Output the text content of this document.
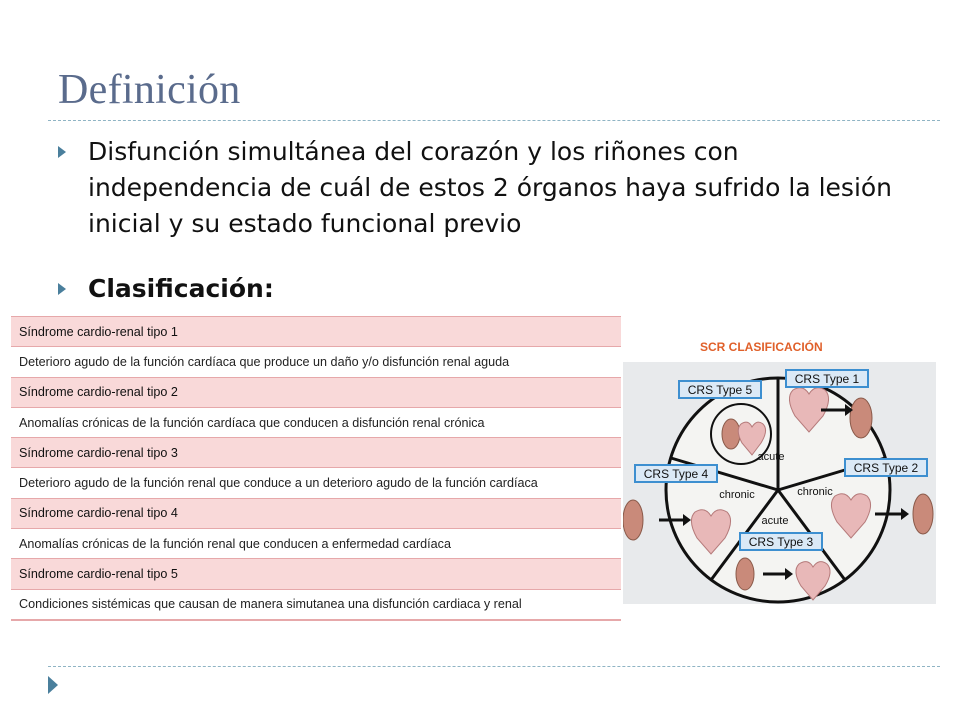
Definición
Disfunción simultánea del corazón y los riñones con independencia de cuál de estos 2 órganos haya sufrido la lesión inicial y su estado funcional previo
Clasificación:
Síndrome cardio-renal tipo 1
Deterioro agudo de la función cardíaca que produce un daño y/o disfunción renal aguda
Síndrome cardio-renal tipo 2
Anomalías crónicas de la función cardíaca que conducen a disfunción renal crónica
Síndrome cardio-renal tipo 3
Deterioro agudo de la función renal que conduce a un deterioro agudo de la función cardíaca
Síndrome cardio-renal tipo 4
Anomalías crónicas de la función renal que conducen a enfermedad cardíaca
Síndrome cardio-renal tipo 5
Condiciones sistémicas que causan de manera simutanea una disfunción cardiaca y renal
SCR CLASIFICACIÓN
CRS Type 5
CRS Type 1
CRS Type 2
CRS Type 4
CRS Type 3
acute
chronic
chronic
acute
